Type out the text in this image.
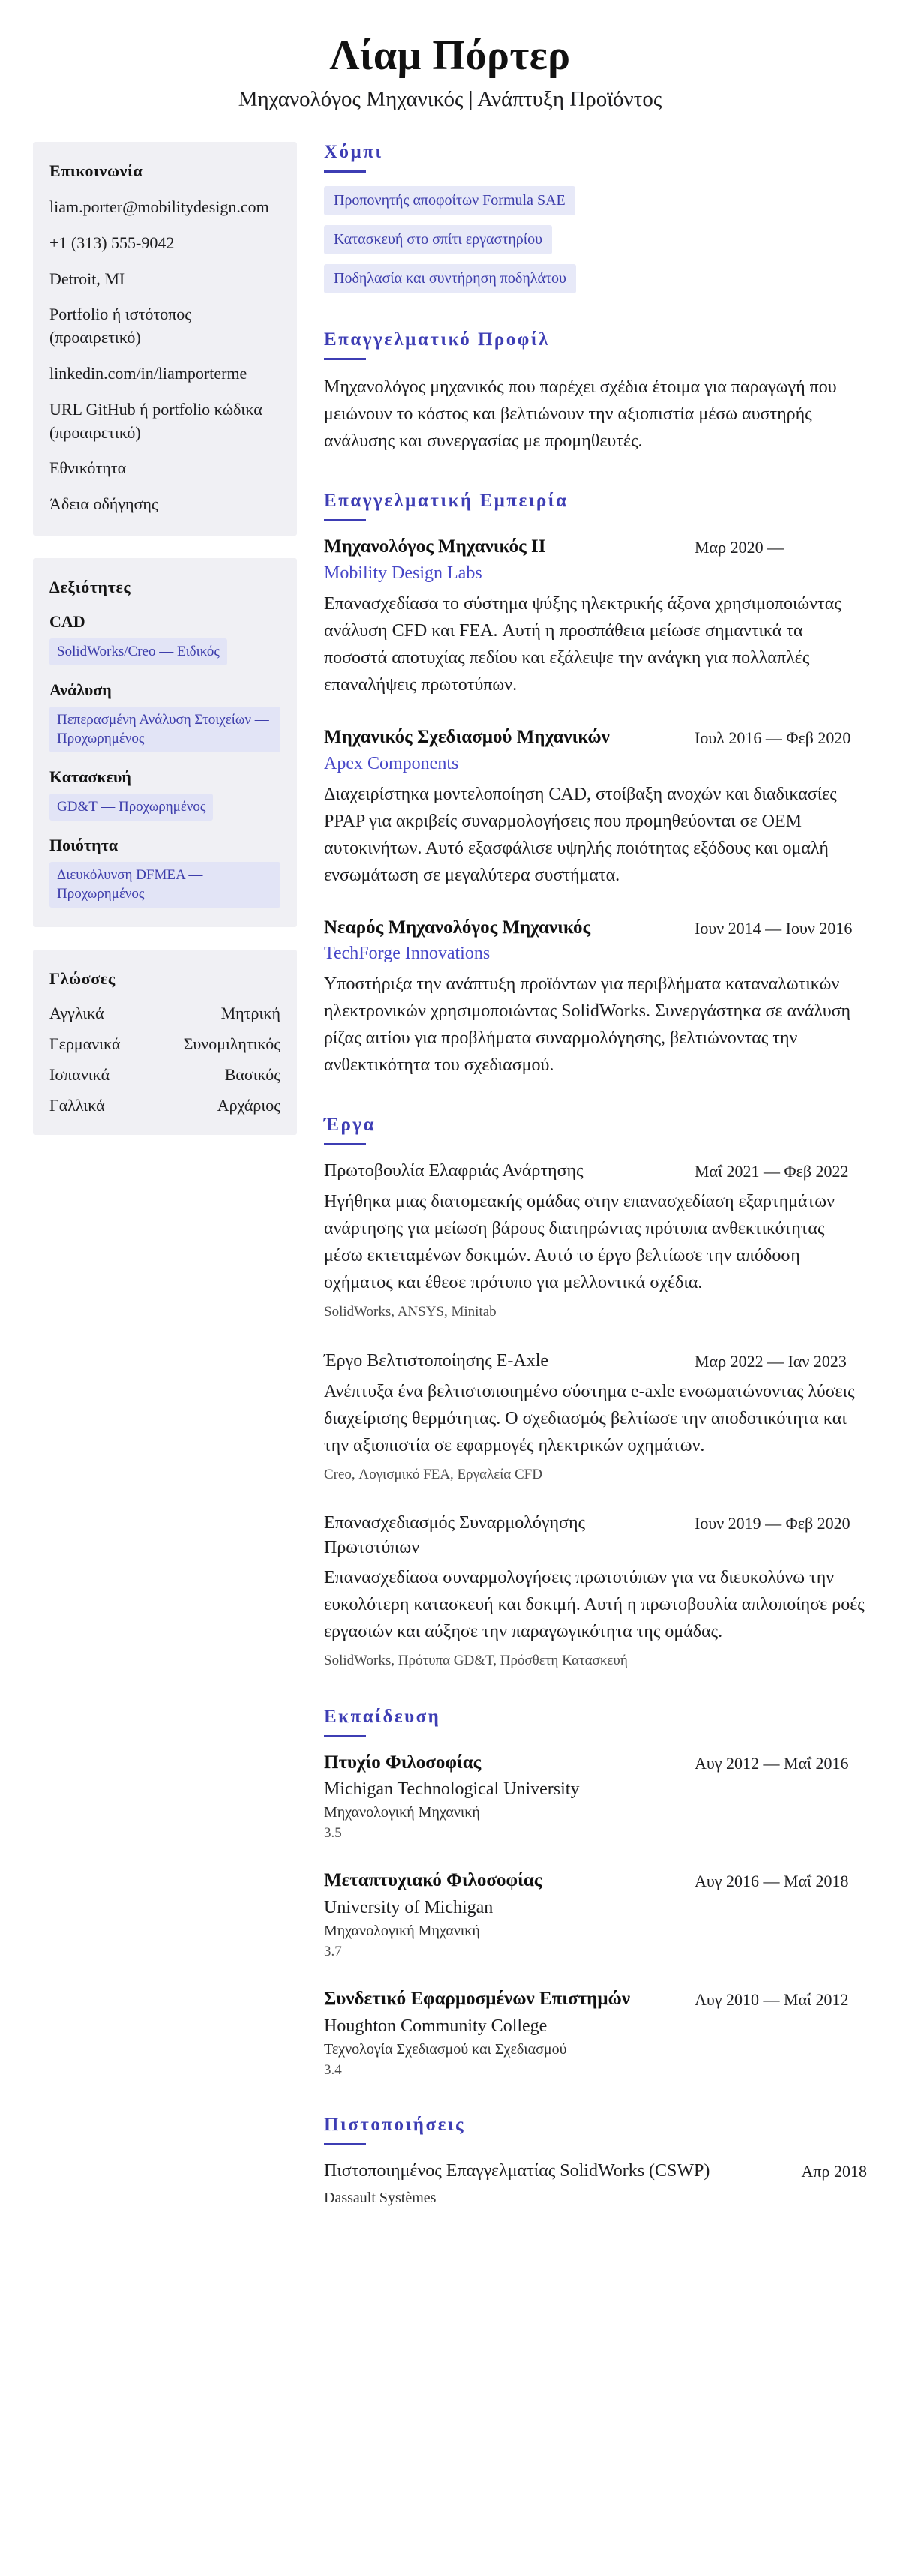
Λίαμ Πόρτερ
Μηχανολόγος Μηχανικός | Ανάπτυξη Προϊόντος
Επικοινωνία
liam.porter@mobilitydesign.com
+1 (313) 555-9042
Detroit, MI
Portfolio ή ιστότοπος (προαιρετικό)
linkedin.com/in/liamporterme
URL GitHub ή portfolio κώδικα (προαιρετικό)
Εθνικότητα
Άδεια οδήγησης
Δεξιότητες
CAD
SolidWorks/Creo — Ειδικός
Ανάλυση
Πεπερασμένη Ανάλυση Στοιχείων — Προχωρημένος
Κατασκευή
GD&T — Προχωρημένος
Ποιότητα
Διευκόλυνση DFMEA — Προχωρημένος
Γλώσσες
Αγγλικά	Μητρική
Γερμανικά	Συνομιλητικός
Ισπανικά	Βασικός
Γαλλικά	Αρχάριος
Χόμπι
Προπονητής αποφοίτων Formula SAE
Κατασκευή στο σπίτι εργαστηρίου
Ποδηλασία και συντήρηση ποδηλάτου
Επαγγελματικό Προφίλ

Μηχανολόγος μηχανικός που παρέχει σχέδια έτοιμα για παραγωγή που μειώνουν το κόστος και βελτιώνουν την αξιοπιστία μέσω αυστηρής ανάλυσης και συνεργασίας με προμηθευτές.

Επαγγελματική Εμπειρία
Μηχανολόγος Μηχανικός II	Μαρ 2020 —
Mobility Design Labs

Επανασχεδίασα το σύστημα ψύξης ηλεκτρικής άξονα χρησιμοποιώντας ανάλυση CFD και FEA. Αυτή η προσπάθεια μείωσε σημαντικά τα ποσοστά αποτυχίας πεδίου και εξάλειψε την ανάγκη για πολλαπλές επαναλήψεις πρωτοτύπων.

Μηχανικός Σχεδιασμού Μηχανικών	Ιουλ 2016 — Φεβ 2020
Apex Components

Διαχειρίστηκα μοντελοποίηση CAD, στοίβαξη ανοχών και διαδικασίες PPAP για ακριβείς συναρμολογήσεις που προμηθεύονται σε OEM αυτοκινήτων. Αυτό εξασφάλισε υψηλής ποιότητας εξόδους και ομαλή ενσωμάτωση σε μεγαλύτερα συστήματα.

Νεαρός Μηχανολόγος Μηχανικός	Ιουν 2014 — Ιουν 2016
TechForge Innovations

Υποστήριξα την ανάπτυξη προϊόντων για περιβλήματα καταναλωτικών ηλεκτρονικών χρησιμοποιώντας SolidWorks. Συνεργάστηκα σε ανάλυση ρίζας αιτίου για προβλήματα συναρμολόγησης, βελτιώνοντας την ανθεκτικότητα του σχεδιασμού.

Έργα
Πρωτοβουλία Ελαφριάς Ανάρτησης	Μαΐ 2021 — Φεβ 2022

Ηγήθηκα μιας διατομεακής ομάδας στην επανασχεδίαση εξαρτημάτων ανάρτησης για μείωση βάρους διατηρώντας πρότυπα ανθεκτικότητας μέσω εκτεταμένων δοκιμών. Αυτό το έργο βελτίωσε την απόδοση οχήματος και έθεσε πρότυπο για μελλοντικά σχέδια.

SolidWorks, ANSYS, Minitab
Έργο Βελτιστοποίησης E-Axle	Μαρ 2022 — Ιαν 2023

Ανέπτυξα ένα βελτιστοποιημένο σύστημα e-axle ενσωματώνοντας λύσεις διαχείρισης θερμότητας. Ο σχεδιασμός βελτίωσε την αποδοτικότητα και την αξιοπιστία σε εφαρμογές ηλεκτρικών οχημάτων.

Creo, Λογισμικό FEA, Εργαλεία CFD
Επανασχεδιασμός Συναρμολόγησης Πρωτοτύπων
Ιουν 2019 — Φεβ 2020

Επανασχεδίασα συναρμολογήσεις πρωτοτύπων για να διευκολύνω την ευκολότερη κατασκευή και δοκιμή. Αυτή η πρωτοβουλία απλοποίησε ροές εργασιών και αύξησε την παραγωγικότητα της ομάδας.

SolidWorks, Πρότυπα GD&T, Πρόσθετη Κατασκευή
Εκπαίδευση
Πτυχίο Φιλοσοφίας	Αυγ 2012 — Μαΐ 2016
Michigan Technological University
Μηχανολογική Μηχανική
3.5
Μεταπτυχιακό Φιλοσοφίας	Αυγ 2016 — Μαΐ 2018
University of Michigan
Μηχανολογική Μηχανική
3.7
Συνδετικό Εφαρμοσμένων Επιστημών	Αυγ 2010 — Μαΐ 2012
Houghton Community College
Τεχνολογία Σχεδιασμού και Σχεδιασμού
3.4
Πιστοποιήσεις
Πιστοποιημένος Επαγγελματίας SolidWorks (CSWP)	Απρ 2018
Dassault Systèmes
